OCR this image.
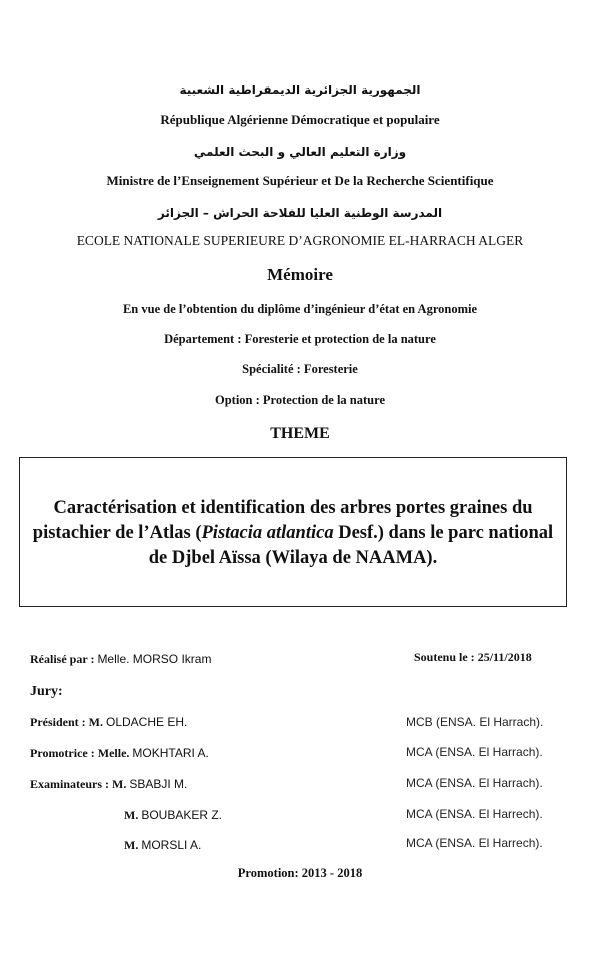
الجمهورية الجزائرية الديمقراطية الشعبية
République Algérienne Démocratique et populaire
وزارة التعليم العالي و البحث العلمي
Ministre de l’Enseignement Supérieur et De la Recherche Scientifique
المدرسة الوطنية العليا للفلاحة الحراش – الجزائر
ECOLE NATIONALE SUPERIEURE D’AGRONOMIE EL-HARRACH ALGER
Mémoire
En vue de l’obtention du diplôme d’ingénieur d’état en Agronomie
Département : Foresterie et protection de la nature
Spécialité : Foresterie
Option : Protection de la nature
THEME
Caractérisation et identification des arbres portes graines du
pistachier de l’Atlas (Pistacia atlantica Desf.) dans le parc national
de Djbel Aïssa (Wilaya de NAAMA).
Réalisé par : Melle. MORSO Ikram	Soutenu le : 25/11/2018
Jury:
Président : M. OLDACHE EH.	MCB (ENSA. El Harrach).
Promotrice : Melle. MOKHTARI A.	MCA (ENSA. El Harrach).
Examinateurs : M. SBABJI M.	MCA (ENSA. El Harrach).
M. BOUBAKER Z.	MCA (ENSA. El Harrech).
M. MORSLI A.	MCA (ENSA. El Harrech).
Promotion: 2013 - 2018
